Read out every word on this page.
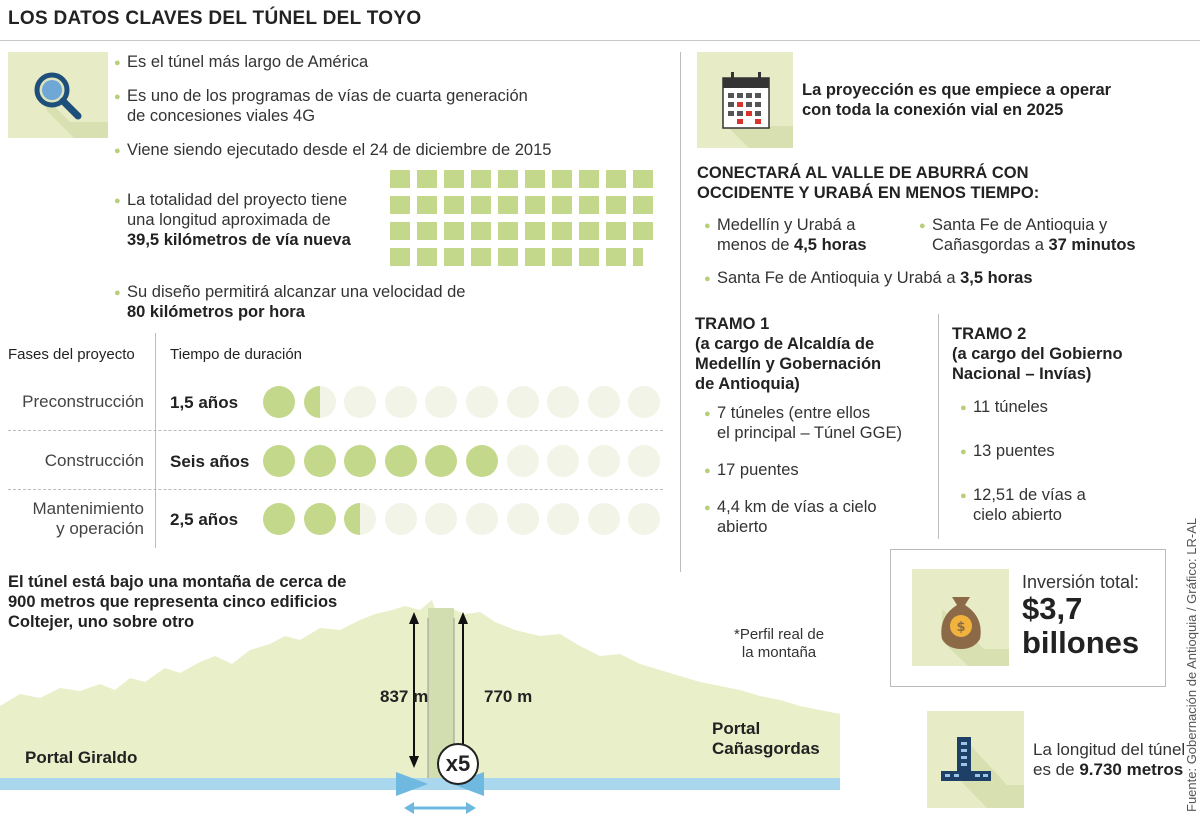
LOS DATOS CLAVES DEL TÚNEL DEL TOYO
● Es el túnel más largo de América
● Es uno de los programas de vías de cuarta generación
de concesiones viales 4G
● Viene siendo ejecutado desde el 24 de diciembre de 2015
● La totalidad del proyecto tiene
una longitud aproximada de
39,5 kilómetros de vía nueva
● Su diseño permitirá alcanzar una velocidad de
80 kilómetros por hora
Fases del proyecto Tiempo de duración
Preconstrucción 1,5 años
Construcción Seis años
Mantenimiento
y operación 2,5 años
La proyección es que empiece a operar
con toda la conexión vial en 2025
CONECTARÁ AL VALLE DE ABURRÁ CON
OCCIDENTE Y URABÁ EN MENOS TIEMPO:
● Medellín y Urabá a
menos de 4,5 horas
● Santa Fe de Antioquia y
Cañasgordas a 37 minutos
● Santa Fe de Antioquia y Urabá a 3,5 horas
TRAMO 1
(a cargo de Alcaldía de
Medellín y Gobernación
de Antioquia)
● 7 túneles (entre ellos
el principal – Túnel GGE)
● 17 puentes
● 4,4 km de vías a cielo
abierto
TRAMO 2
(a cargo del Gobierno
Nacional – Invías)
● 11 túneles
● 13 puentes
● 12,51 de vías a
cielo abierto
$
Inversión total:
$3,7
billones
La longitud del túnel
es de 9.730 metros Fuente: Gobernación de Antioquia / Gráfico: LR-AL
El túnel está bajo una montaña de cerca de
900 metros que representa cinco edificios
Coltejer, uno sobre otro
837 m	770 m
x5
*Perfil real de
la montaña
Portal Giraldo
Portal
Cañasgordas
